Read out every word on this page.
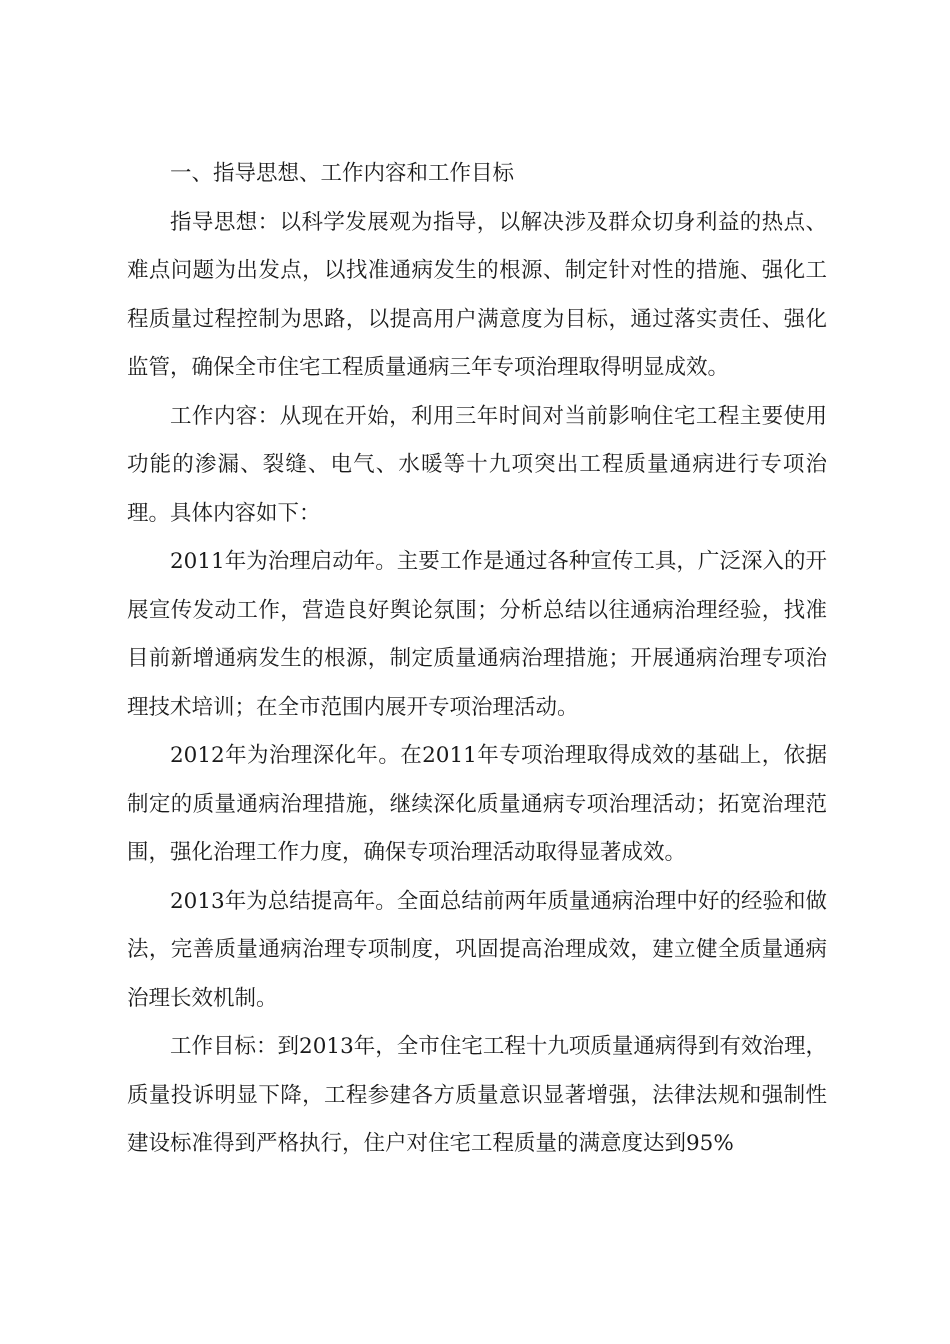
一、指导思想、工作内容和工作目标

指导思想：以科学发展观为指导，以解决涉及群众切身利益的热点、难点问题为出发点，以找准通病发生的根源、制定针对性的措施、强化工程质量过程控制为思路，以提高用户满意度为目标，通过落实责任、强化监管，确保全市住宅工程质量通病三年专项治理取得明显成效。

工作内容：从现在开始，利用三年时间对当前影响住宅工程主要使用功能的渗漏、裂缝、电气、水暖等十九项突出工程质量通病进行专项治理。具体内容如下：

2011年为治理启动年。主要工作是通过各种宣传工具，广泛深入的开展宣传发动工作，营造良好舆论氛围；分析总结以往通病治理经验，找准目前新增通病发生的根源，制定质量通病治理措施；开展通病治理专项治理技术培训；在全市范围内展开专项治理活动。

2012年为治理深化年。在2011年专项治理取得成效的基础上，依据制定的质量通病治理措施，继续深化质量通病专项治理活动；拓宽治理范围，强化治理工作力度，确保专项治理活动取得显著成效。

2013年为总结提高年。全面总结前两年质量通病治理中好的经验和做法，完善质量通病治理专项制度，巩固提高治理成效，建立健全质量通病治理长效机制。

工作目标：到2013年，全市住宅工程十九项质量通病得到有效治理，质量投诉明显下降，工程参建各方质量意识显著增强，法律法规和强制性建设标准得到严格执行，住户对住宅工程质量的满意度达到95%
